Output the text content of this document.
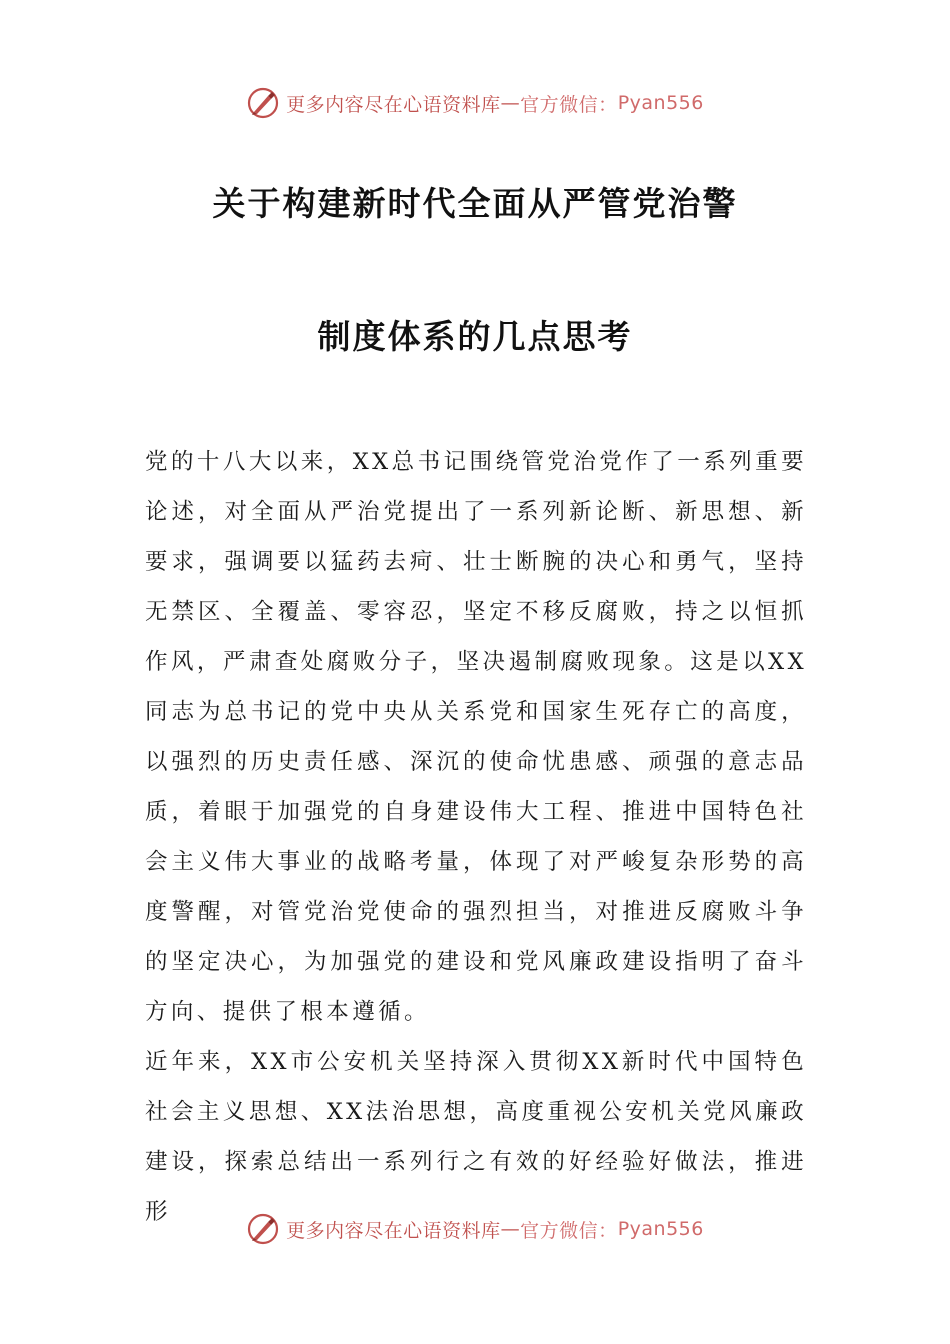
更多内容尽在心语资料库 — 官方微信： Pyan556
关于构建新时代全面从严管党治警
制度体系的几点思考

党的十八大以来，XX总书记围绕管党治党作了一系列重要论述，对全面从严治党提出了一系列新论断、新思想、新要求，强调要以猛药去疴、壮士断腕的决心和勇气，坚持无禁区、全覆盖、零容忍，坚定不移反腐败，持之以恒抓作风，严肃查处腐败分子，坚决遏制腐败现象。这是以XX同志为总书记的党中央从关系党和国家生死存亡的高度，以强烈的历史责任感、深沉的使命忧患感、顽强的意志品质，着眼于加强党的自身建设伟大工程、推进中国特色社会主义伟大事业的战略考量，体现了对严峻复杂形势的高度警醒，对管党治党使命的强烈担当，对推进反腐败斗争的坚定决心，为加强党的建设和党风廉政建设指明了奋斗方向、提供了根本遵循。

近年来，XX市公安机关坚持深入贯彻XX新时代中国特色社会主义思想、XX法治思想，高度重视公安机关党风廉政建设，探索总结出一系列行之有效的好经验好做法，推进形

更多内容尽在心语资料库 — 官方微信： Pyan556
